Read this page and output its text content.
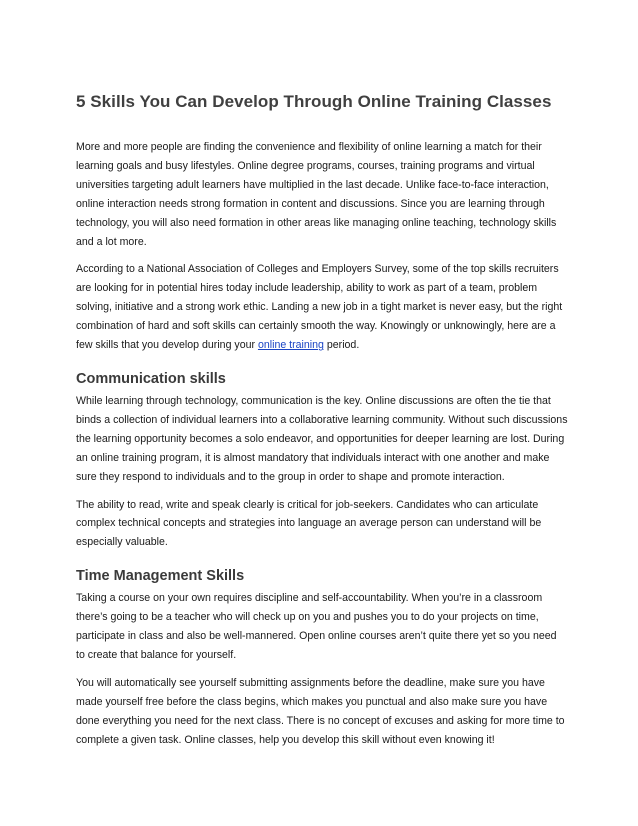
5 Skills You Can Develop Through Online Training Classes

More and more people are finding the convenience and flexibility of online learning a match for their learning goals and busy lifestyles. Online degree programs, courses, training programs and virtual universities targeting adult learners have multiplied in the last decade. Unlike face-to-face interaction, online interaction needs strong formation in content and discussions. Since you are learning through technology, you will also need formation in other areas like managing online teaching, technology skills and a lot more.

According to a National Association of Colleges and Employers Survey, some of the top skills recruiters are looking for in potential hires today include leadership, ability to work as part of a team, problem solving, initiative and a strong work ethic. Landing a new job in a tight market is never easy, but the right combination of hard and soft skills can certainly smooth the way. Knowingly or unknowingly, here are a few skills that you develop during your online training period.

Communication skills

While learning through technology, communication is the key. Online discussions are often the tie that binds a collection of individual learners into a collaborative learning community. Without such discussions the learning opportunity becomes a solo endeavor, and opportunities for deeper learning are lost. During an online training program, it is almost mandatory that individuals interact with one another and make sure they respond to individuals and to the group in order to shape and promote interaction.

The ability to read, write and speak clearly is critical for job-seekers. Candidates who can articulate complex technical concepts and strategies into language an average person can understand will be especially valuable.

Time Management Skills

Taking a course on your own requires discipline and self-accountability. When you’re in a classroom there’s going to be a teacher who will check up on you and pushes you to do your projects on time, participate in class and also be well-mannered. Open online courses aren’t quite there yet so you need to create that balance for yourself.

You will automatically see yourself submitting assignments before the deadline, make sure you have made yourself free before the class begins, which makes you punctual and also make sure you have done everything you need for the next class. There is no concept of excuses and asking for more time to complete a given task. Online classes, help you develop this skill without even knowing it!
